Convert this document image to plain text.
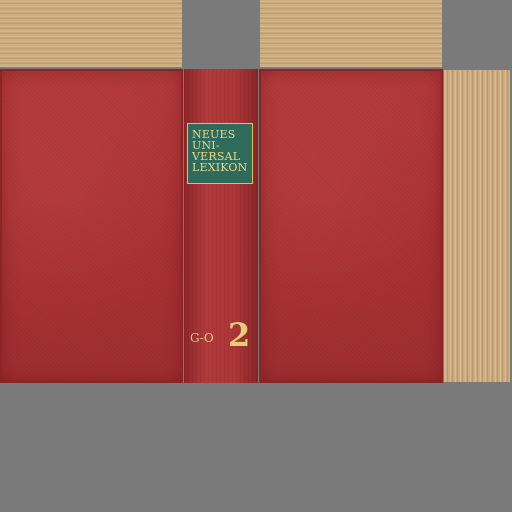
NEUES
UNI-
VERSAL
LEXIKON
G-O 2
